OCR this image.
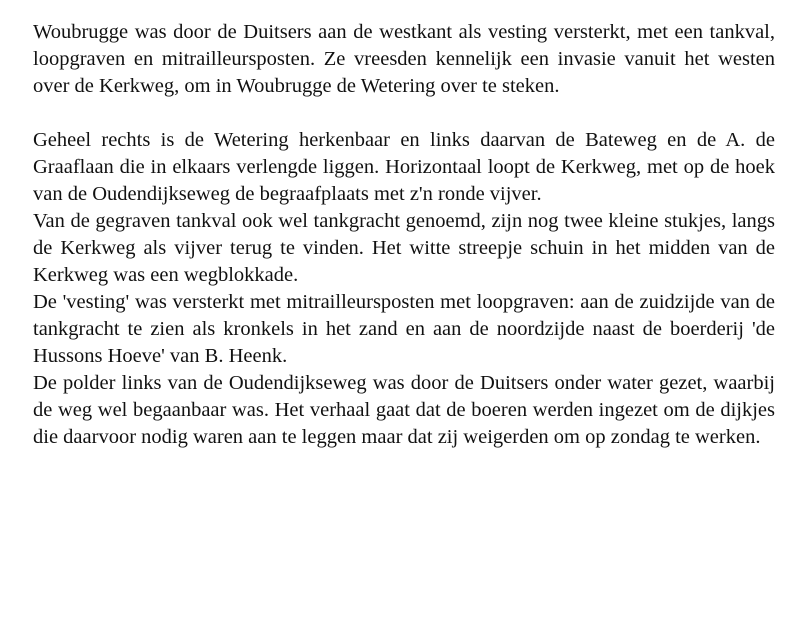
Woubrugge was door de Duitsers aan de westkant als vesting versterkt, met een tankval, loopgraven en mitrailleursposten. Ze vreesden kennelijk een invasie vanuit het westen over de Kerkweg, om in Woubrugge de Wetering over te steken.

Geheel rechts is de Wetering herkenbaar en links daarvan de Bateweg en de A. de Graaflaan die in elkaars verlengde liggen. Horizontaal loopt de Kerkweg, met op de hoek van de Oudendijkseweg de begraafplaats met z'n ronde vijver.

Van de gegraven tankval ook wel tankgracht genoemd, zijn nog twee kleine stukjes, langs de Kerkweg als vijver terug te vinden. Het witte streepje schuin in het midden van de Kerkweg was een wegblokkade.

De 'vesting' was versterkt met mitrailleursposten met loopgraven: aan de zuidzijde van de tankgracht te zien als kronkels in het zand en aan de noordzijde naast de boerderij 'de Hussons Hoeve' van B. Heenk.

De polder links van de Oudendijkseweg was door de Duitsers onder water gezet, waarbij de weg wel begaanbaar was. Het verhaal gaat dat de boeren werden ingezet om de dijkjes die daarvoor nodig waren aan te leggen maar dat zij weigerden om op zondag te werken.
